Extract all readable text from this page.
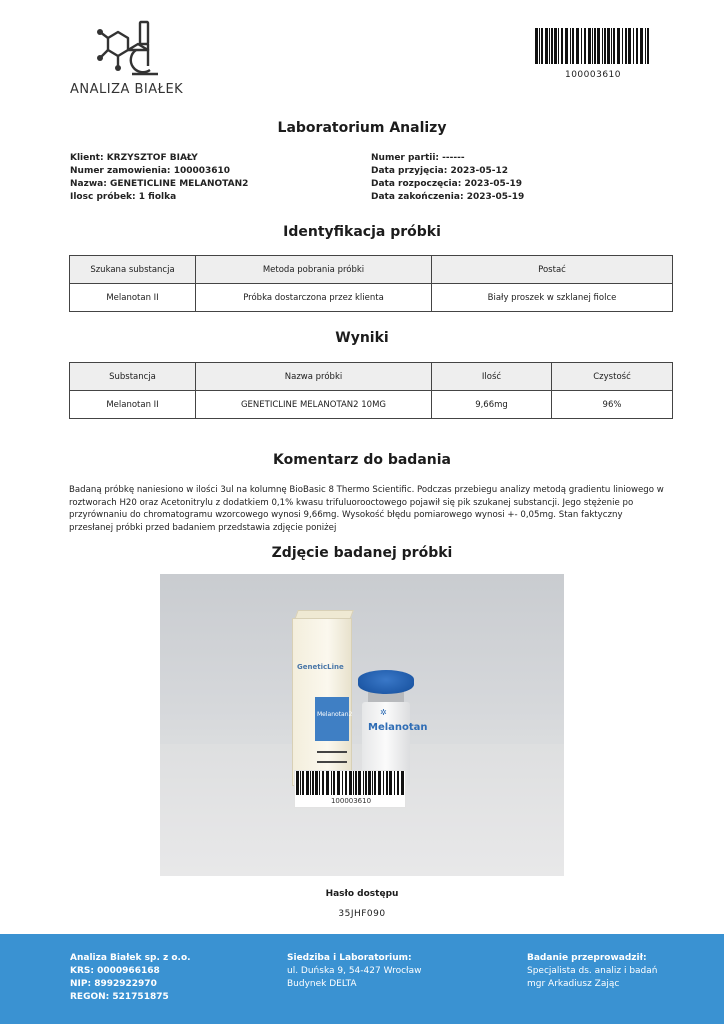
ANALIZA BIAŁEK
100003610
Laboratorium Analizy
Klient: KRZYSZTOF BIAŁY
Numer zamowienia: 100003610
Nazwa: GENETICLINE MELANOTAN2
Ilosc próbek: 1 fiolka
Numer partii: ------
Data przyjęcia: 2023-05-12
Data rozpoczęcia: 2023-05-19
Data zakończenia: 2023-05-19
Identyfikacja próbki
Szukana substancja	Metoda pobrania próbki	Postać
Melanotan II	Próbka dostarczona przez klienta	Biały proszek w szklanej fiolce
Wyniki
Substancja	Nazwa próbki	Ilość	Czystość
Melanotan II	GENETICLINE MELANOTAN2 10MG	9,66mg	96%
Komentarz do badania
Badaną próbkę naniesiono w ilości 3ul na kolumnę BioBasic 8 Thermo Scientific. Podczas przebiegu analizy metodą gradientu liniowego w roztworach H20 oraz Acetonitrylu z dodatkiem 0,1% kwasu trifuluorooctowego pojawił się pik szukanej substancji. Jego stężenie po przyrównaniu do chromatogramu wzorcowego wynosi 9,66mg. Wysokość błędu pomiarowego wynosi +- 0,05mg. Stan faktyczny przesłanej próbki przed badaniem przedstawia zdjęcie poniżej
Zdjęcie badanej próbki
GeneticLine
Melanotan2	✲
Melanotan
100003610
Hasło dostępu
35JHF090
Analiza Białek sp. z o.o.
KRS: 0000966168
NIP: 8992922970
REGON: 521751875
Siedziba i Laboratorium:
ul. Duńska 9, 54-427 Wrocław
Budynek DELTA
Badanie przeprowadził:
Specjalista ds. analiz i badań
mgr Arkadiusz Zając
